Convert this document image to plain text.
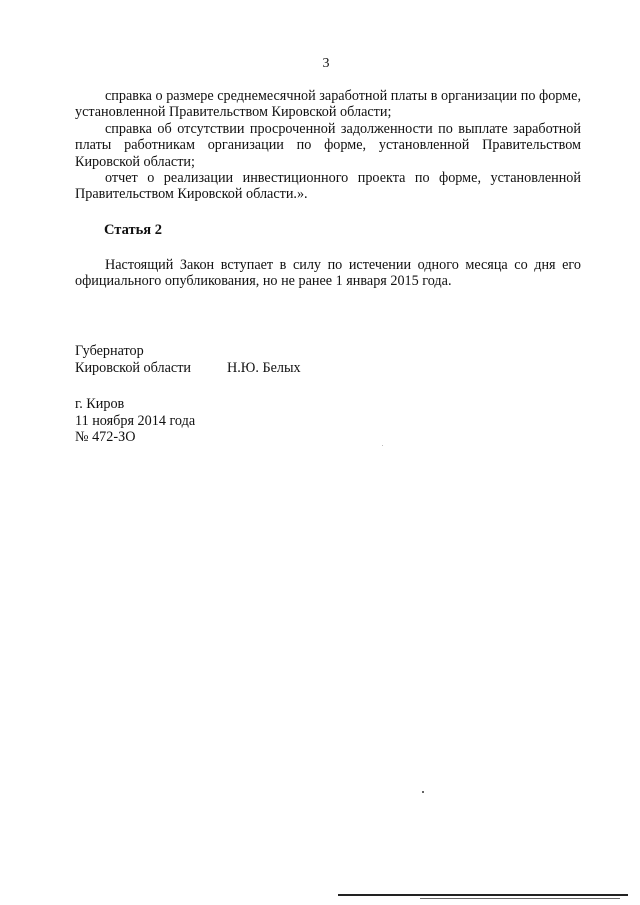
3

справка о размере среднемесячной заработной платы в организации по форме, установленной Правительством Кировской области;

справка об отсутствии просроченной задолженности по выплате заработной платы работникам организации по форме, установленной Правительством Кировской области;

отчет о реализации инвестиционного проекта по форме, установленной Правительством Кировской области.».

Статья 2

Настоящий Закон вступает в силу по истечении одного месяца со дня его официального опубликования, но не ранее 1 января 2015 года.

Губернатор
Кировской области	Н.Ю. Белых
г. Киров
11 ноября 2014 года
№ 472-ЗО
